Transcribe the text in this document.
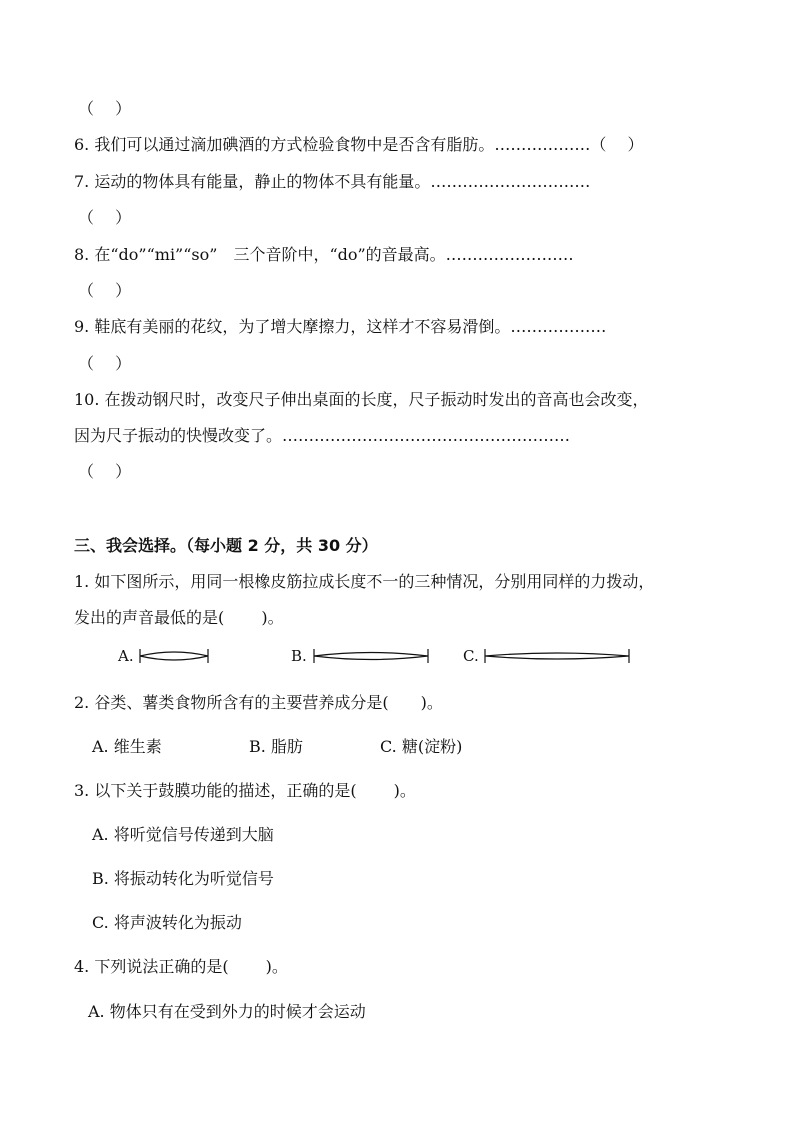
（　 ）
6. 我们可以通过滴加碘酒的方式检验食物中是否含有脂肪。………………（　 ）
7. 运动的物体具有能量，静止的物体不具有能量。…………………………
（　 ）
8. 在“do”“mi”“so”　三个音阶中，“do”的音最高。……………………
（　 ）
9. 鞋底有美丽的花纹，为了增大摩擦力，这样才不容易滑倒。………………
（　 ）
10. 在拨动钢尺时，改变尺子伸出桌面的长度，尺子振动时发出的音高也会改变，
因为尺子振动的快慢改变了。………………………………………………
（　 ）
三、我会选择。（每小题 2 分，共 30 分）
1. 如下图所示，用同一根橡皮筋拉成长度不一的三种情况，分别用同样的力拨动，
发出的声音最低的是(　　 )。
A.	B.	C.
2. 谷类、薯类食物所含有的主要营养成分是(　　)。
A. 维生素	B. 脂肪	C. 糖(淀粉)
3. 以下关于鼓膜功能的描述，正确的是(　　 )。
A. 将听觉信号传递到大脑
B. 将振动转化为听觉信号
C. 将声波转化为振动
4. 下列说法正确的是(　　 )。
A. 物体只有在受到外力的时候才会运动
